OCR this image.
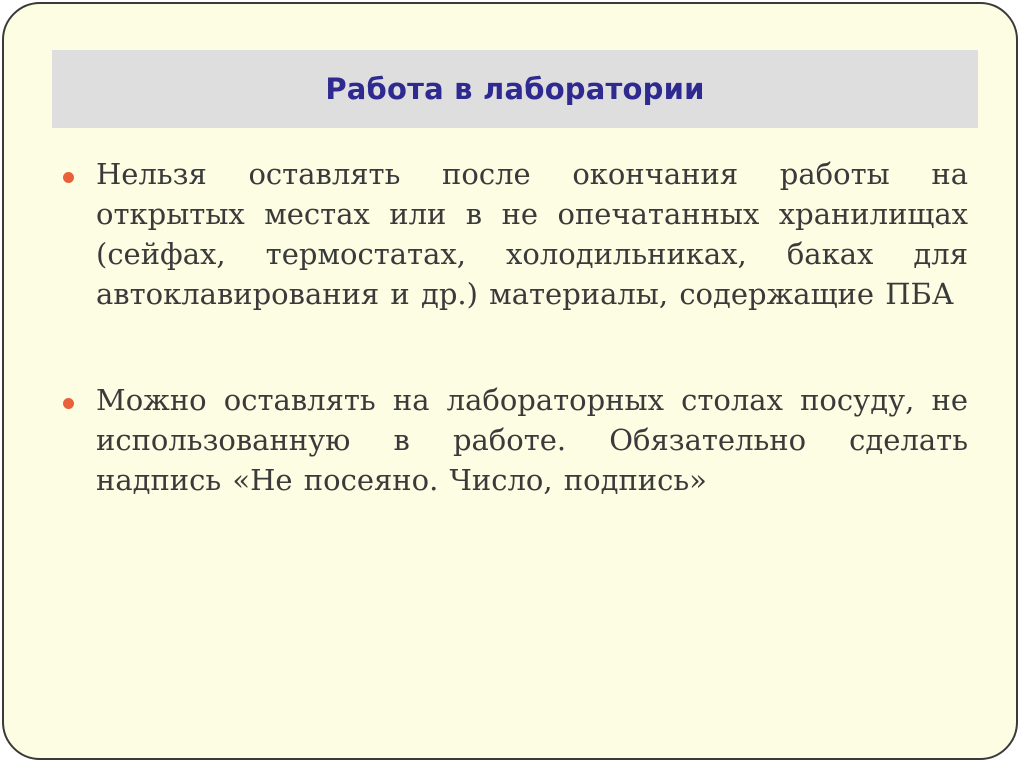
Работа в лаборатории
Нельзя оставлять после окончания работы на открытых местах или в не опечатанных хранилищах (сейфах, термостатах, холодильниках, баках для автоклавирования и др.) материалы, содержащие ПБА
Можно оставлять на лабораторных столах посуду, не использованную в работе. Обязательно сделать надпись «Не посеяно. Число, подпись»
